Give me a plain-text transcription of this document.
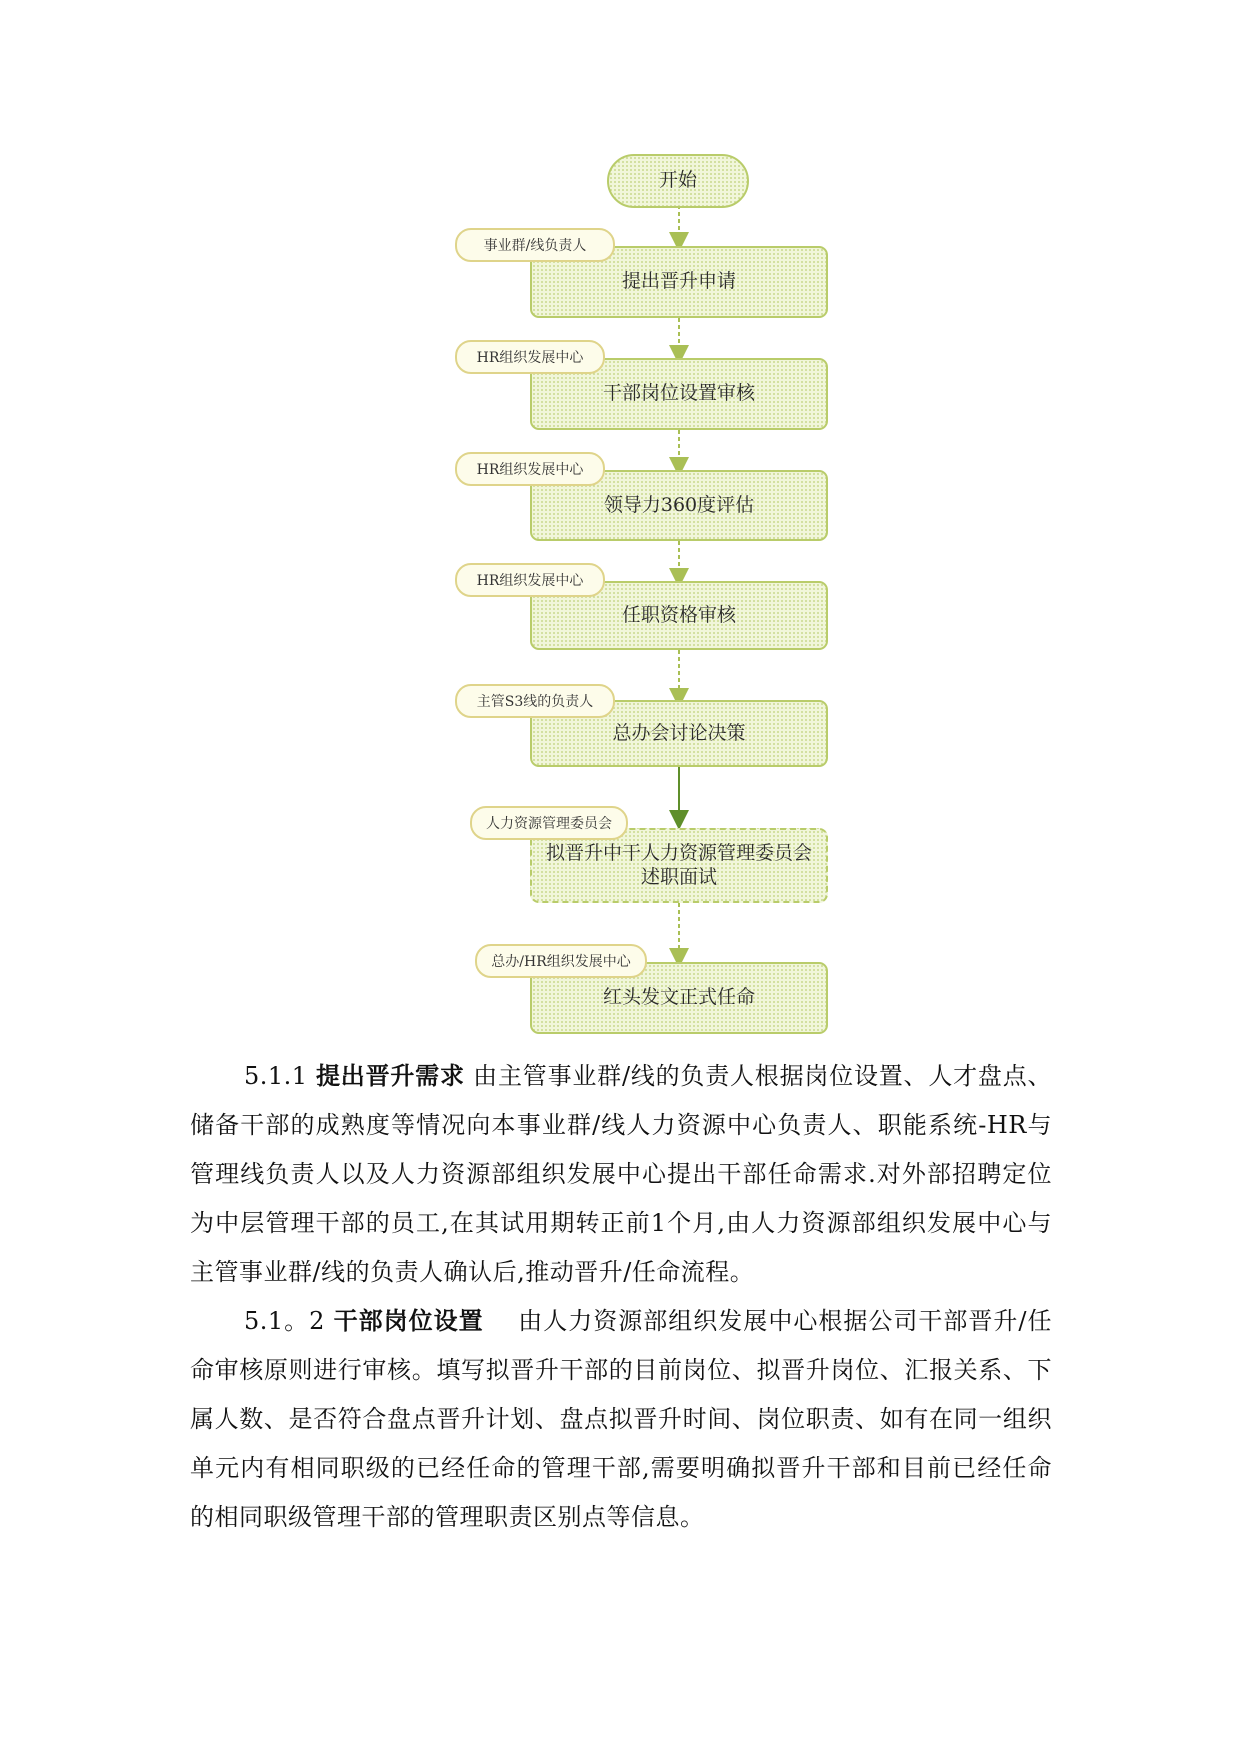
开始
提出晋升申请
事业群/线负责人
干部岗位设置审核
HR组织发展中心
领导力360度评估
HR组织发展中心
任职资格审核
HR组织发展中心
总办会讨论决策
主管S3线的负责人
拟晋升中干人力资源管理委员会
述职面试
人力资源管理委员会
红头发文正式任命
总办/HR组织发展中心

5.1.1 提出晋升需求 由主管事业群/线的负责人根据岗位设置、人才盘点、储备干部的成熟度等情况向本事业群/线人力资源中心负责人、职能系统-HR与管理线负责人以及人力资源部组织发展中心提出干部任命需求.对外部招聘定位为中层管理干部的员工,在其试用期转正前1个月,由人力资源部组织发展中心与主管事业群/线的负责人确认后,推动晋升/任命流程。

5.1。2 干部岗位设置    由人力资源部组织发展中心根据公司干部晋升/任命审核原则进行审核。填写拟晋升干部的目前岗位、拟晋升岗位、汇报关系、下属人数、是否符合盘点晋升计划、盘点拟晋升时间、岗位职责、如有在同一组织单元内有相同职级的已经任命的管理干部,需要明确拟晋升干部和目前已经任命的相同职级管理干部的管理职责区别点等信息。
